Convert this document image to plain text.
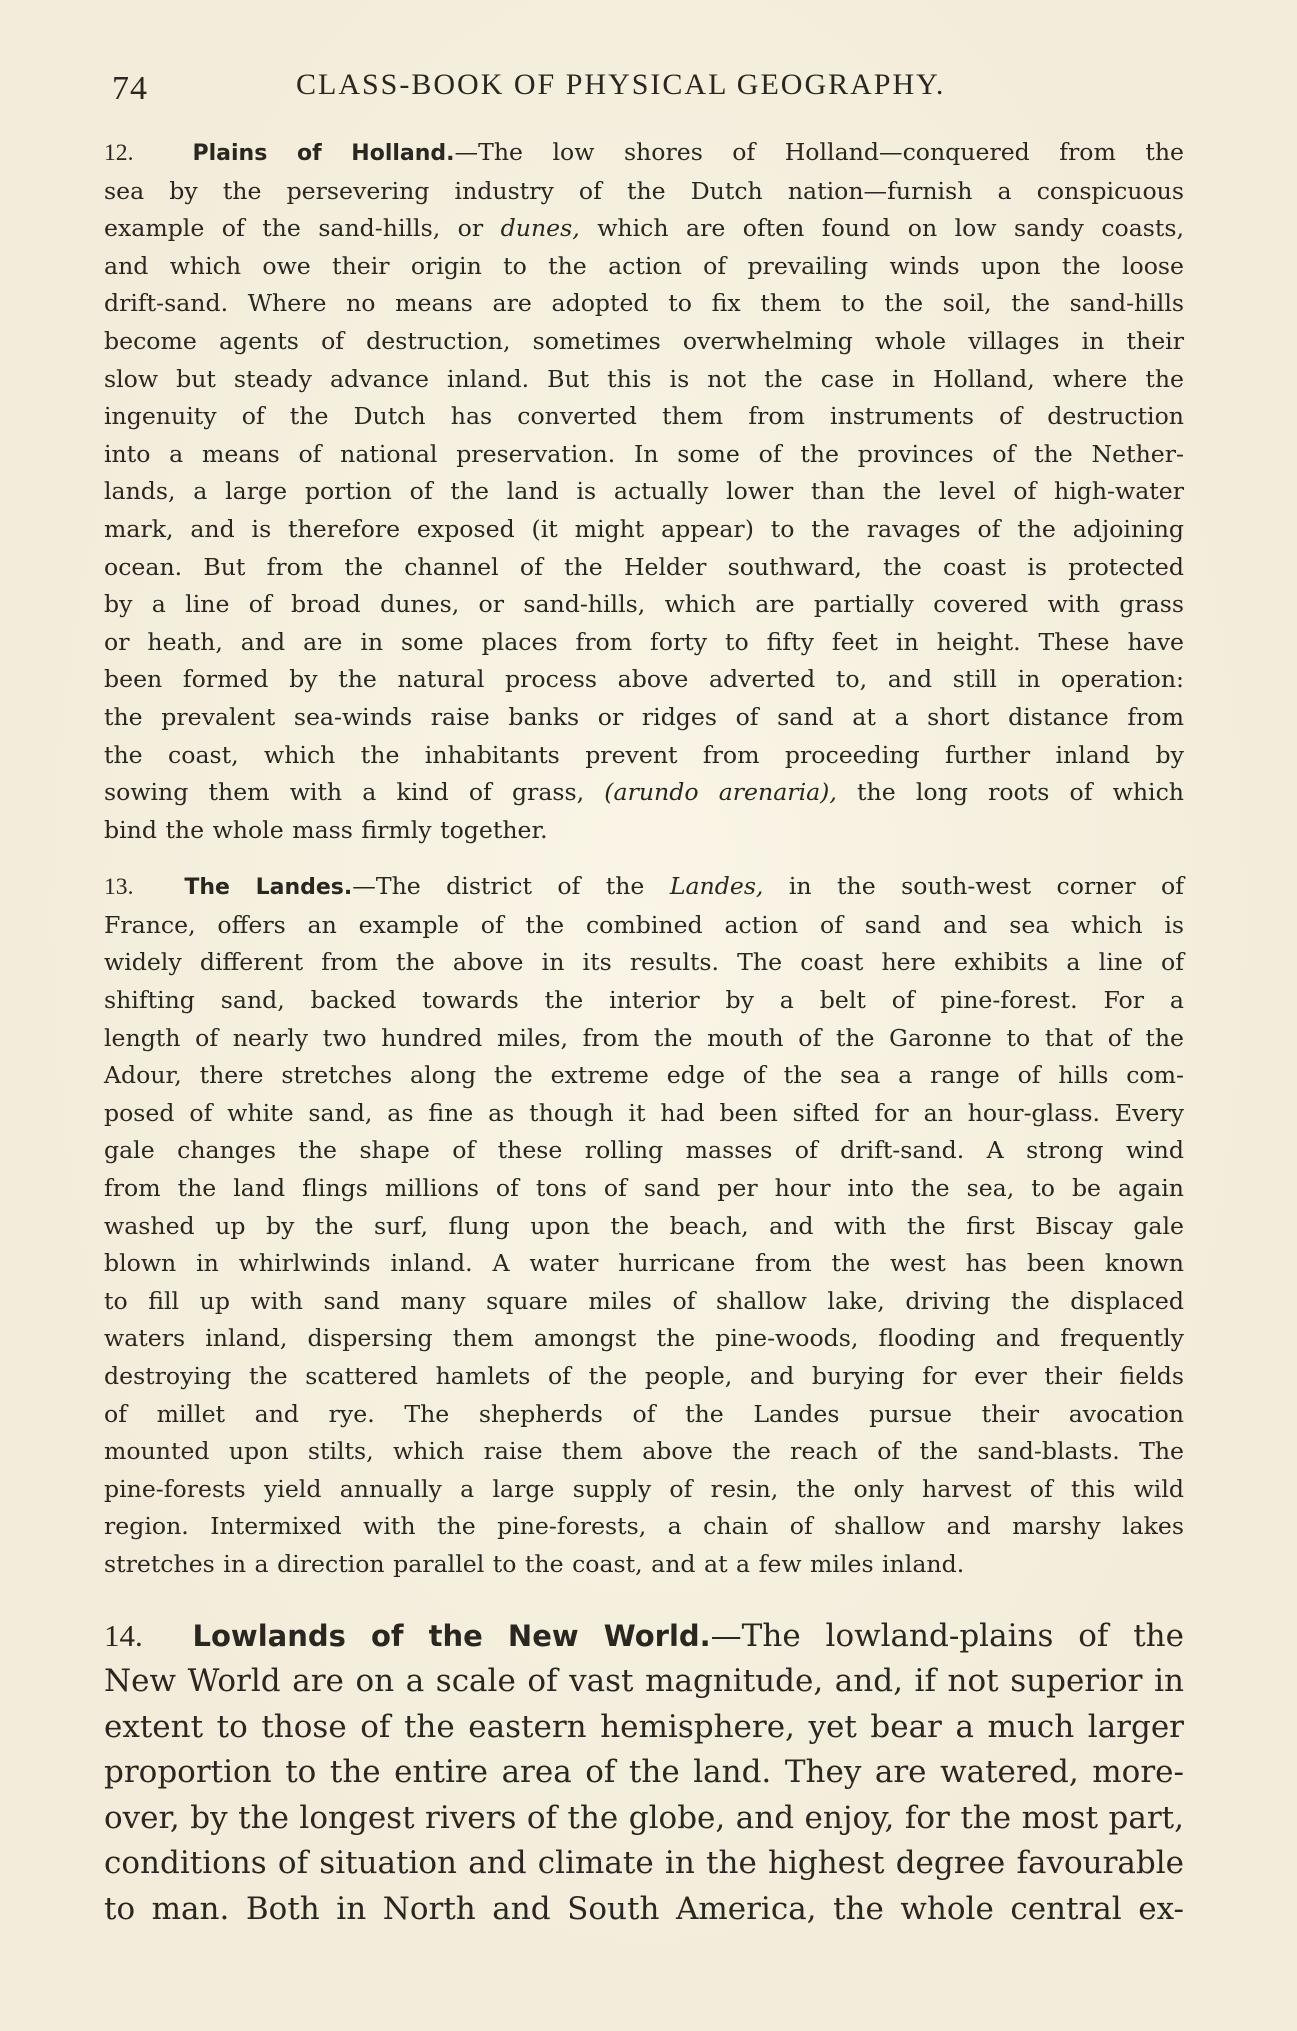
74	CLASS-BOOK OF PHYSICAL GEOGRAPHY.

12.	Plains of Holland.—The low shores of Holland—conquered from the
sea by the persevering industry of the Dutch nation—furnish a conspicuous
example of the sand-hills, or dunes, which are often found on low sandy coasts,
and which owe their origin to the action of prevailing winds upon the loose
drift-sand. Where no means are adopted to fix them to the soil, the sand-hills
become agents of destruction, sometimes overwhelming whole villages in their
slow but steady advance inland. But this is not the case in Holland, where the
ingenuity of the Dutch has converted them from instruments of destruction
into a means of national preservation. In some of the provinces of the Nether-
lands, a large portion of the land is actually lower than the level of high-water
mark, and is therefore exposed (it might appear) to the ravages of the adjoining
ocean. But from the channel of the Helder southward, the coast is protected
by a line of broad dunes, or sand-hills, which are partially covered with grass
or heath, and are in some places from forty to fifty feet in height. These have
been formed by the natural process above adverted to, and still in operation:
the prevalent sea-winds raise banks or ridges of sand at a short distance from
the coast, which the inhabitants prevent from proceeding further inland by
sowing them with a kind of grass, (arundo arenaria), the long roots of which
bind the whole mass firmly together.

13. The Landes.—The district of the Landes, in the south-west corner of
France, offers an example of the combined action of sand and sea which is
widely different from the above in its results. The coast here exhibits a line of
shifting sand, backed towards the interior by a belt of pine-forest. For a
length of nearly two hundred miles, from the mouth of the Garonne to that of the
Adour, there stretches along the extreme edge of the sea a range of hills com-
posed of white sand, as fine as though it had been sifted for an hour-glass. Every
gale changes the shape of these rolling masses of drift-sand. A strong wind
from the land flings millions of tons of sand per hour into the sea, to be again
washed up by the surf, flung upon the beach, and with the first Biscay gale
blown in whirlwinds inland. A water hurricane from the west has been known
to fill up with sand many square miles of shallow lake, driving the displaced
waters inland, dispersing them amongst the pine-woods, flooding and frequently
destroying the scattered hamlets of the people, and burying for ever their fields
of millet and rye. The shepherds of the Landes pursue their avocation
mounted upon stilts, which raise them above the reach of the sand-blasts. The
pine-forests yield annually a large supply of resin, the only harvest of this wild
region. Intermixed with the pine-forests, a chain of shallow and marshy lakes
stretches in a direction parallel to the coast, and at a few miles inland.

14. Lowlands of the New World.—The lowland-plains of the
New World are on a scale of vast magnitude, and, if not superior in
extent to those of the eastern hemisphere, yet bear a much larger
proportion to the entire area of the land. They are watered, more-
over, by the longest rivers of the globe, and enjoy, for the most part,
conditions of situation and climate in the highest degree favourable
to man. Both in North and South America, the whole central ex-
